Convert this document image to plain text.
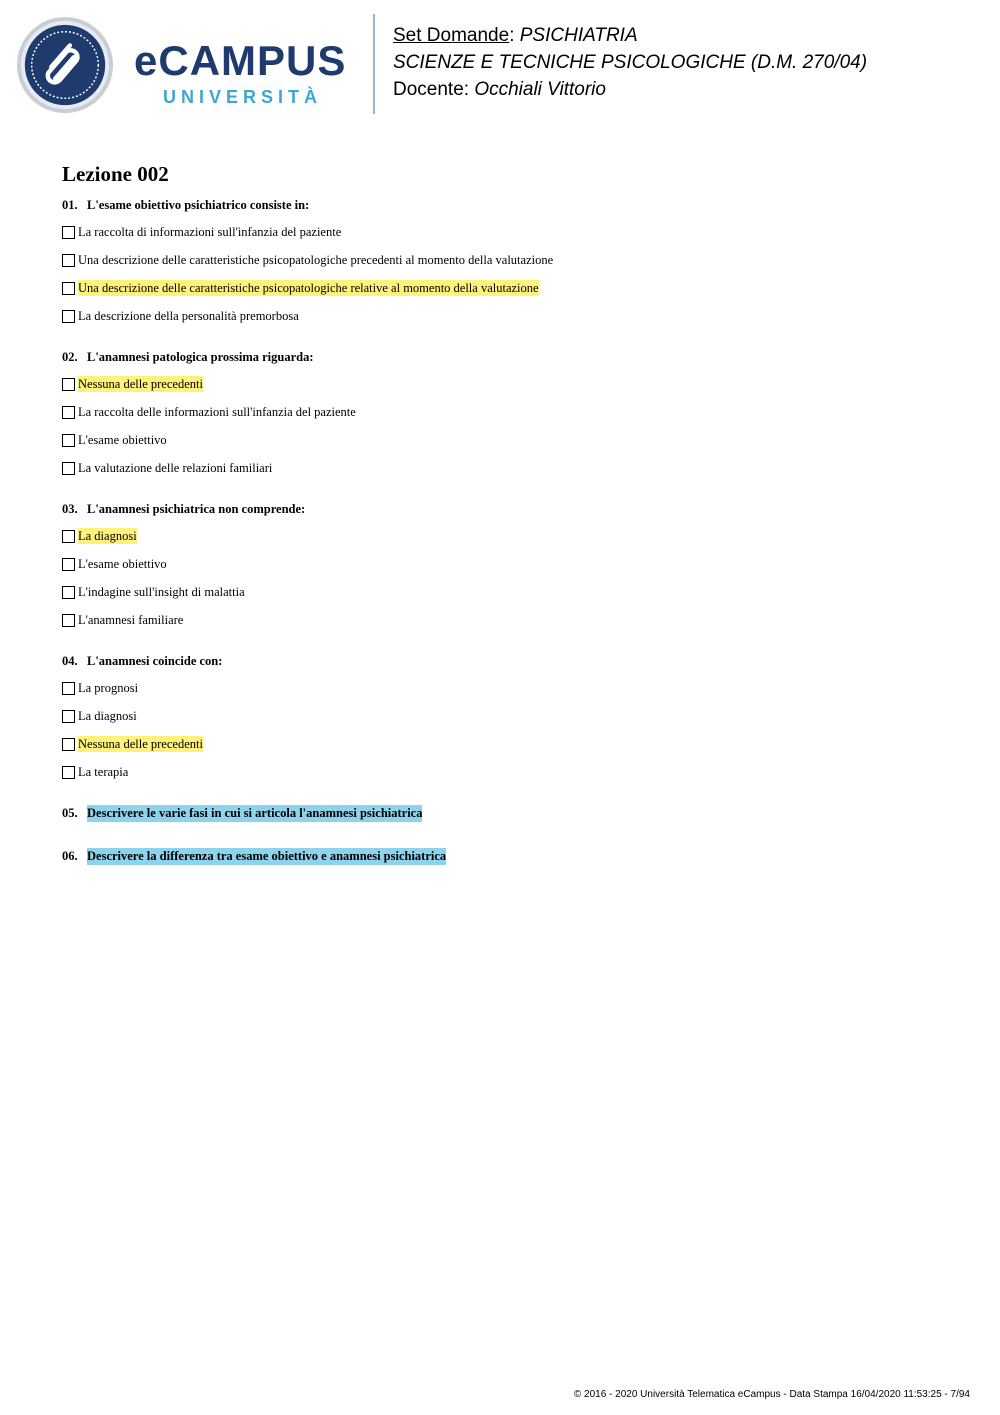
eCAMPUS
UNIVERSITÀ
Set Domande: PSICHIATRIA
SCIENZE E TECNICHE PSICOLOGICHE (D.M. 270/04)
Docente: Occhiali Vittorio
Lezione 002
01. L'esame obiettivo psichiatrico consiste in:
La raccolta di informazioni sull'infanzia del paziente
Una descrizione delle caratteristiche psicopatologiche precedenti al momento della valutazione
Una descrizione delle caratteristiche psicopatologiche relative al momento della valutazione
La descrizione della personalità premorbosa
02. L'anamnesi patologica prossima riguarda:
Nessuna delle precedenti
La raccolta delle informazioni sull'infanzia del paziente
L'esame obiettivo
La valutazione delle relazioni familiari
03. L'anamnesi psichiatrica non comprende:
La diagnosi
L'esame obiettivo
L'indagine sull'insight di malattia
L'anamnesi familiare
04. L'anamnesi coincide con:
La prognosi
La diagnosi
Nessuna delle precedenti
La terapia
05. Descrivere le varie fasi in cui si articola l'anamnesi psichiatrica
06. Descrivere la differenza tra esame obiettivo e anamnesi psichiatrica
© 2016 - 2020 Università Telematica eCampus - Data Stampa 16/04/2020 11:53:25 - 7/94
